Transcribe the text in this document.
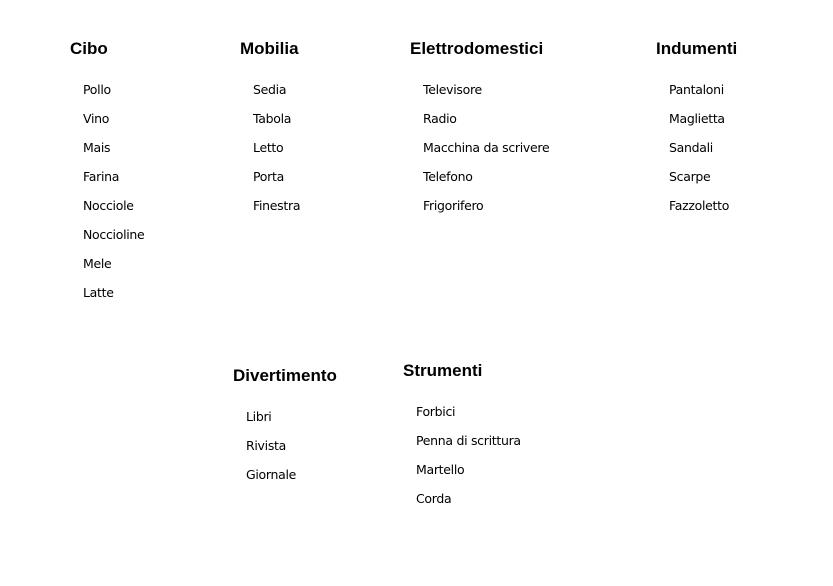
Cibo
Pollo
Vino
Mais
Farina
Nocciole
Noccioline
Mele
Latte
Mobilia
Sedia
Tabola
Letto
Porta
Finestra
Elettrodomestici
Televisore
Radio
Macchina da scrivere
Telefono
Frigorifero
Indumenti
Pantaloni
Maglietta
Sandali
Scarpe
Fazzoletto
Divertimento
Libri
Rivista
Giornale
Strumenti
Forbici
Penna di scrittura
Martello
Corda
